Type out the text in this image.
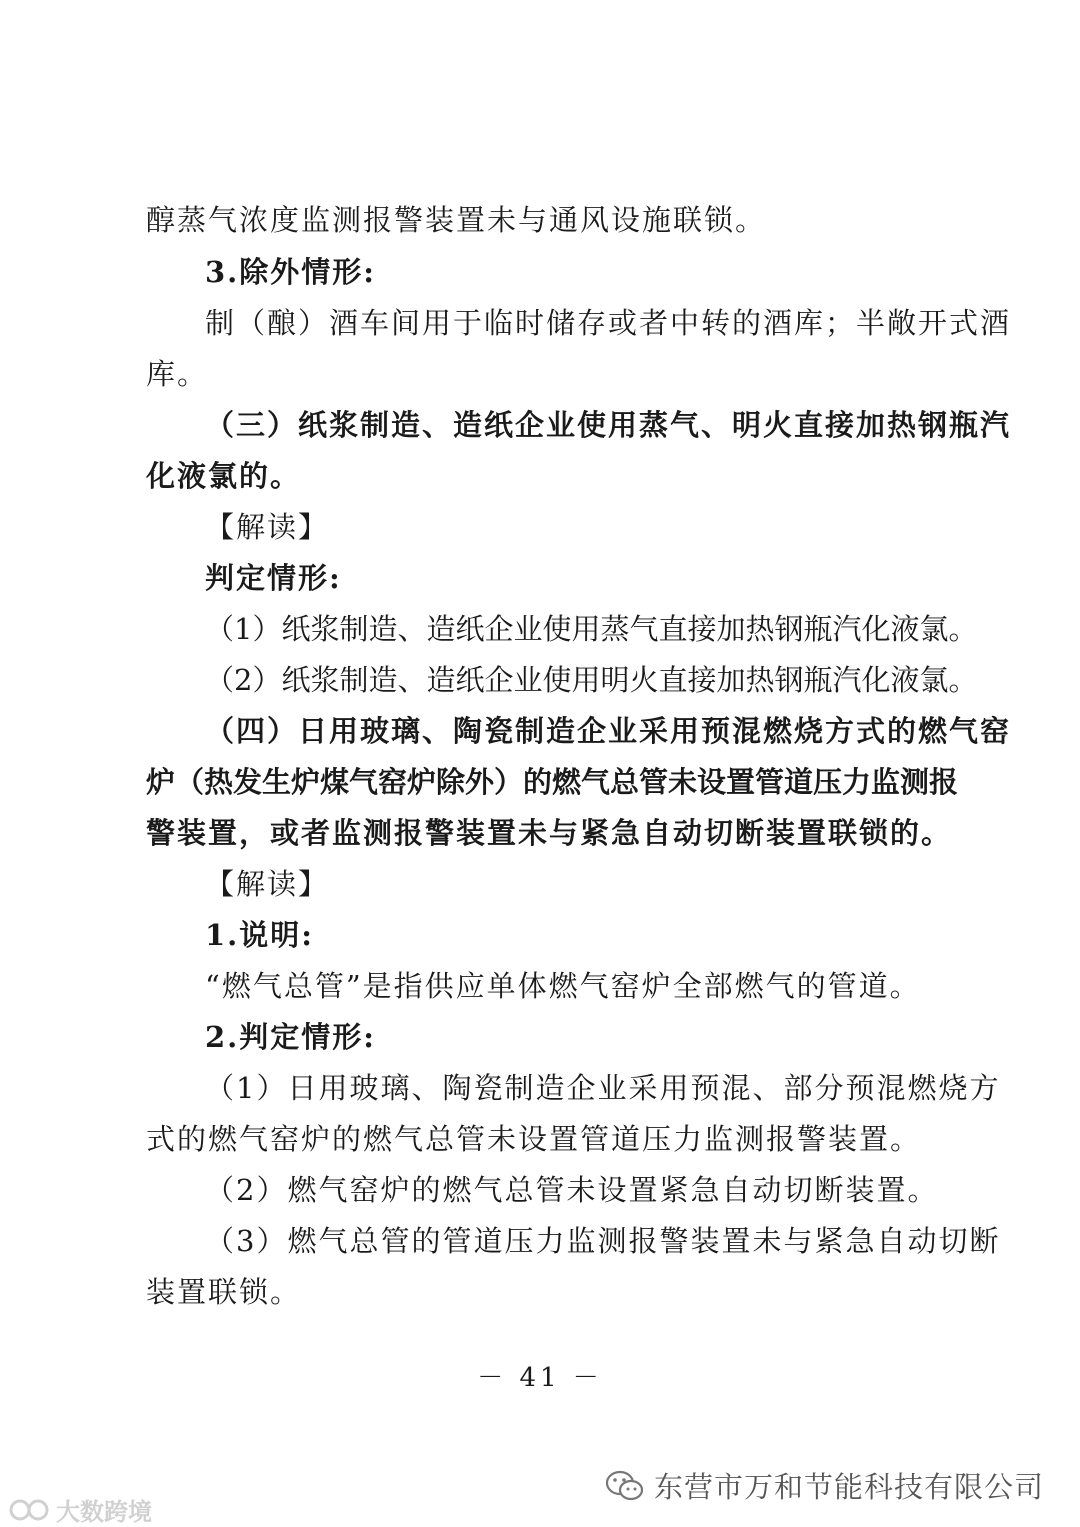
醇蒸气浓度监测报警装置未与通风设施联锁。
3.除外情形:
制（酿）酒车间用于临时储存或者中转的酒库；半敞开式酒
库。
（三）纸浆制造、造纸企业使用蒸气、明火直接加热钢瓶汽
化液氯的。
【解读】
判定情形:
（1）纸浆制造、造纸企业使用蒸气直接加热钢瓶汽化液氯。
（2）纸浆制造、造纸企业使用明火直接加热钢瓶汽化液氯。
（四）日用玻璃、陶瓷制造企业采用预混燃烧方式的燃气窑
炉（热发生炉煤气窑炉除外）的燃气总管未设置管道压力监测报
警装置，或者监测报警装置未与紧急自动切断装置联锁的。
【解读】
1.说明:
“燃气总管”是指供应单体燃气窑炉全部燃气的管道。
2.判定情形:
（1）日用玻璃、陶瓷制造企业采用预混、部分预混燃烧方
式的燃气窑炉的燃气总管未设置管道压力监测报警装置。
（2）燃气窑炉的燃气总管未设置紧急自动切断装置。
（3）燃气总管的管道压力监测报警装置未与紧急自动切断
装置联锁。
－ 41 －
东营市万和节能科技有限公司
大数跨境
